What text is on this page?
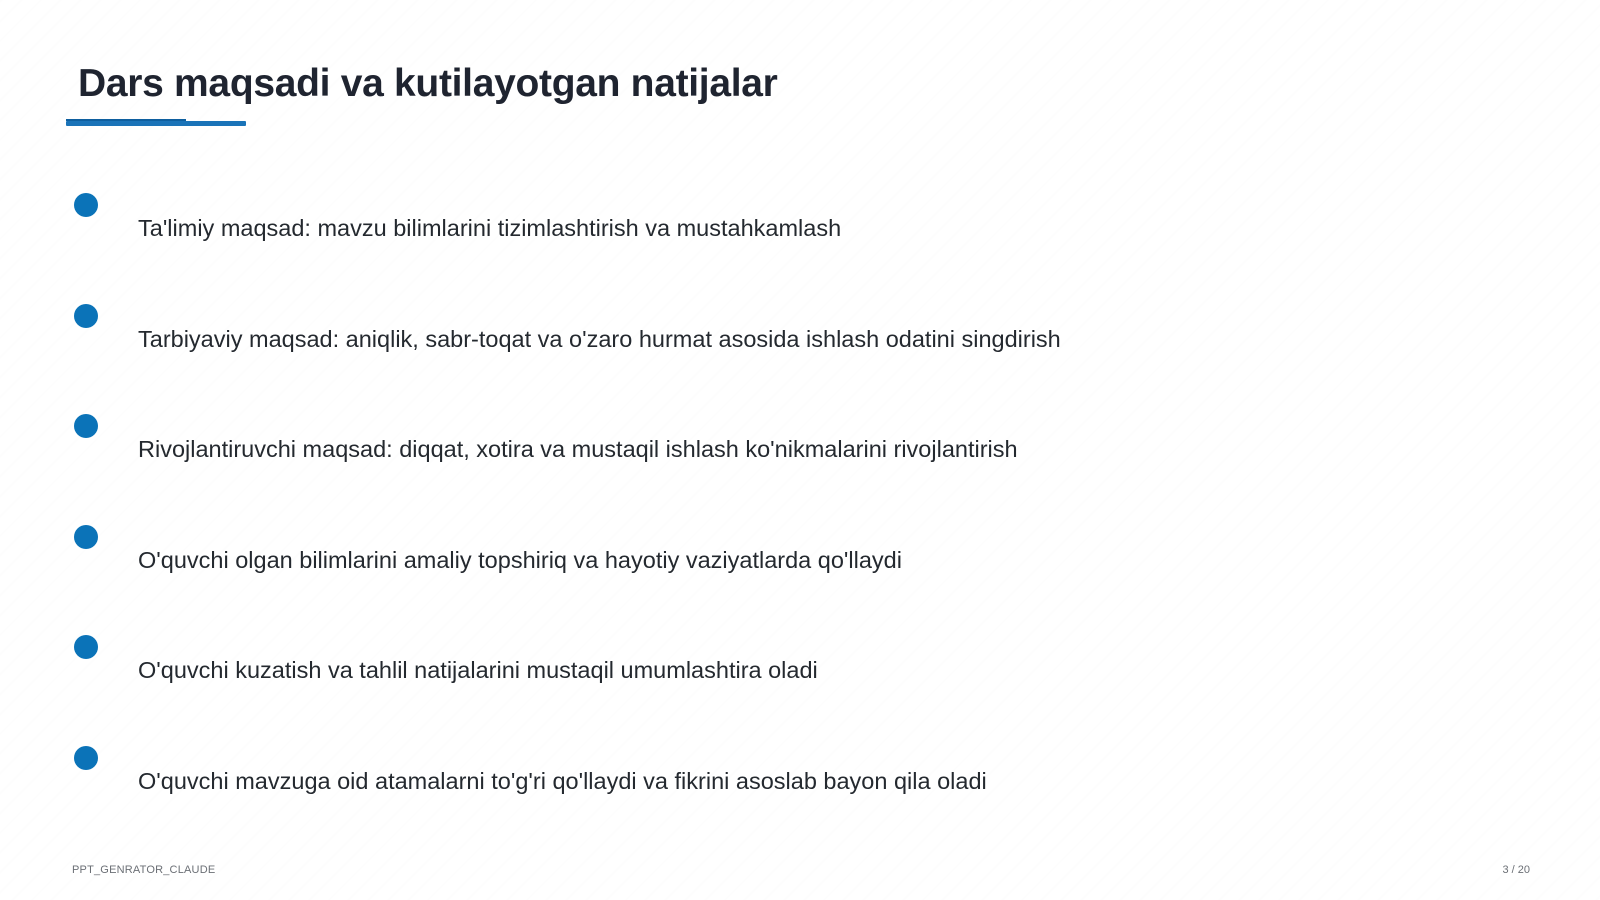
Dars maqsadi va kutilayotgan natijalar
Ta'limiy maqsad: mavzu bilimlarini tizimlashtirish va mustahkamlash
Tarbiyaviy maqsad: aniqlik, sabr-toqat va o'zaro hurmat asosida ishlash odatini singdirish
Rivojlantiruvchi maqsad: diqqat, xotira va mustaqil ishlash ko'nikmalarini rivojlantirish
O'quvchi olgan bilimlarini amaliy topshiriq va hayotiy vaziyatlarda qo'llaydi
O'quvchi kuzatish va tahlil natijalarini mustaqil umumlashtira oladi
O'quvchi mavzuga oid atamalarni to'g'ri qo'llaydi va fikrini asoslab bayon qila oladi
PPT_GENRATOR_CLAUDE	3 / 20
